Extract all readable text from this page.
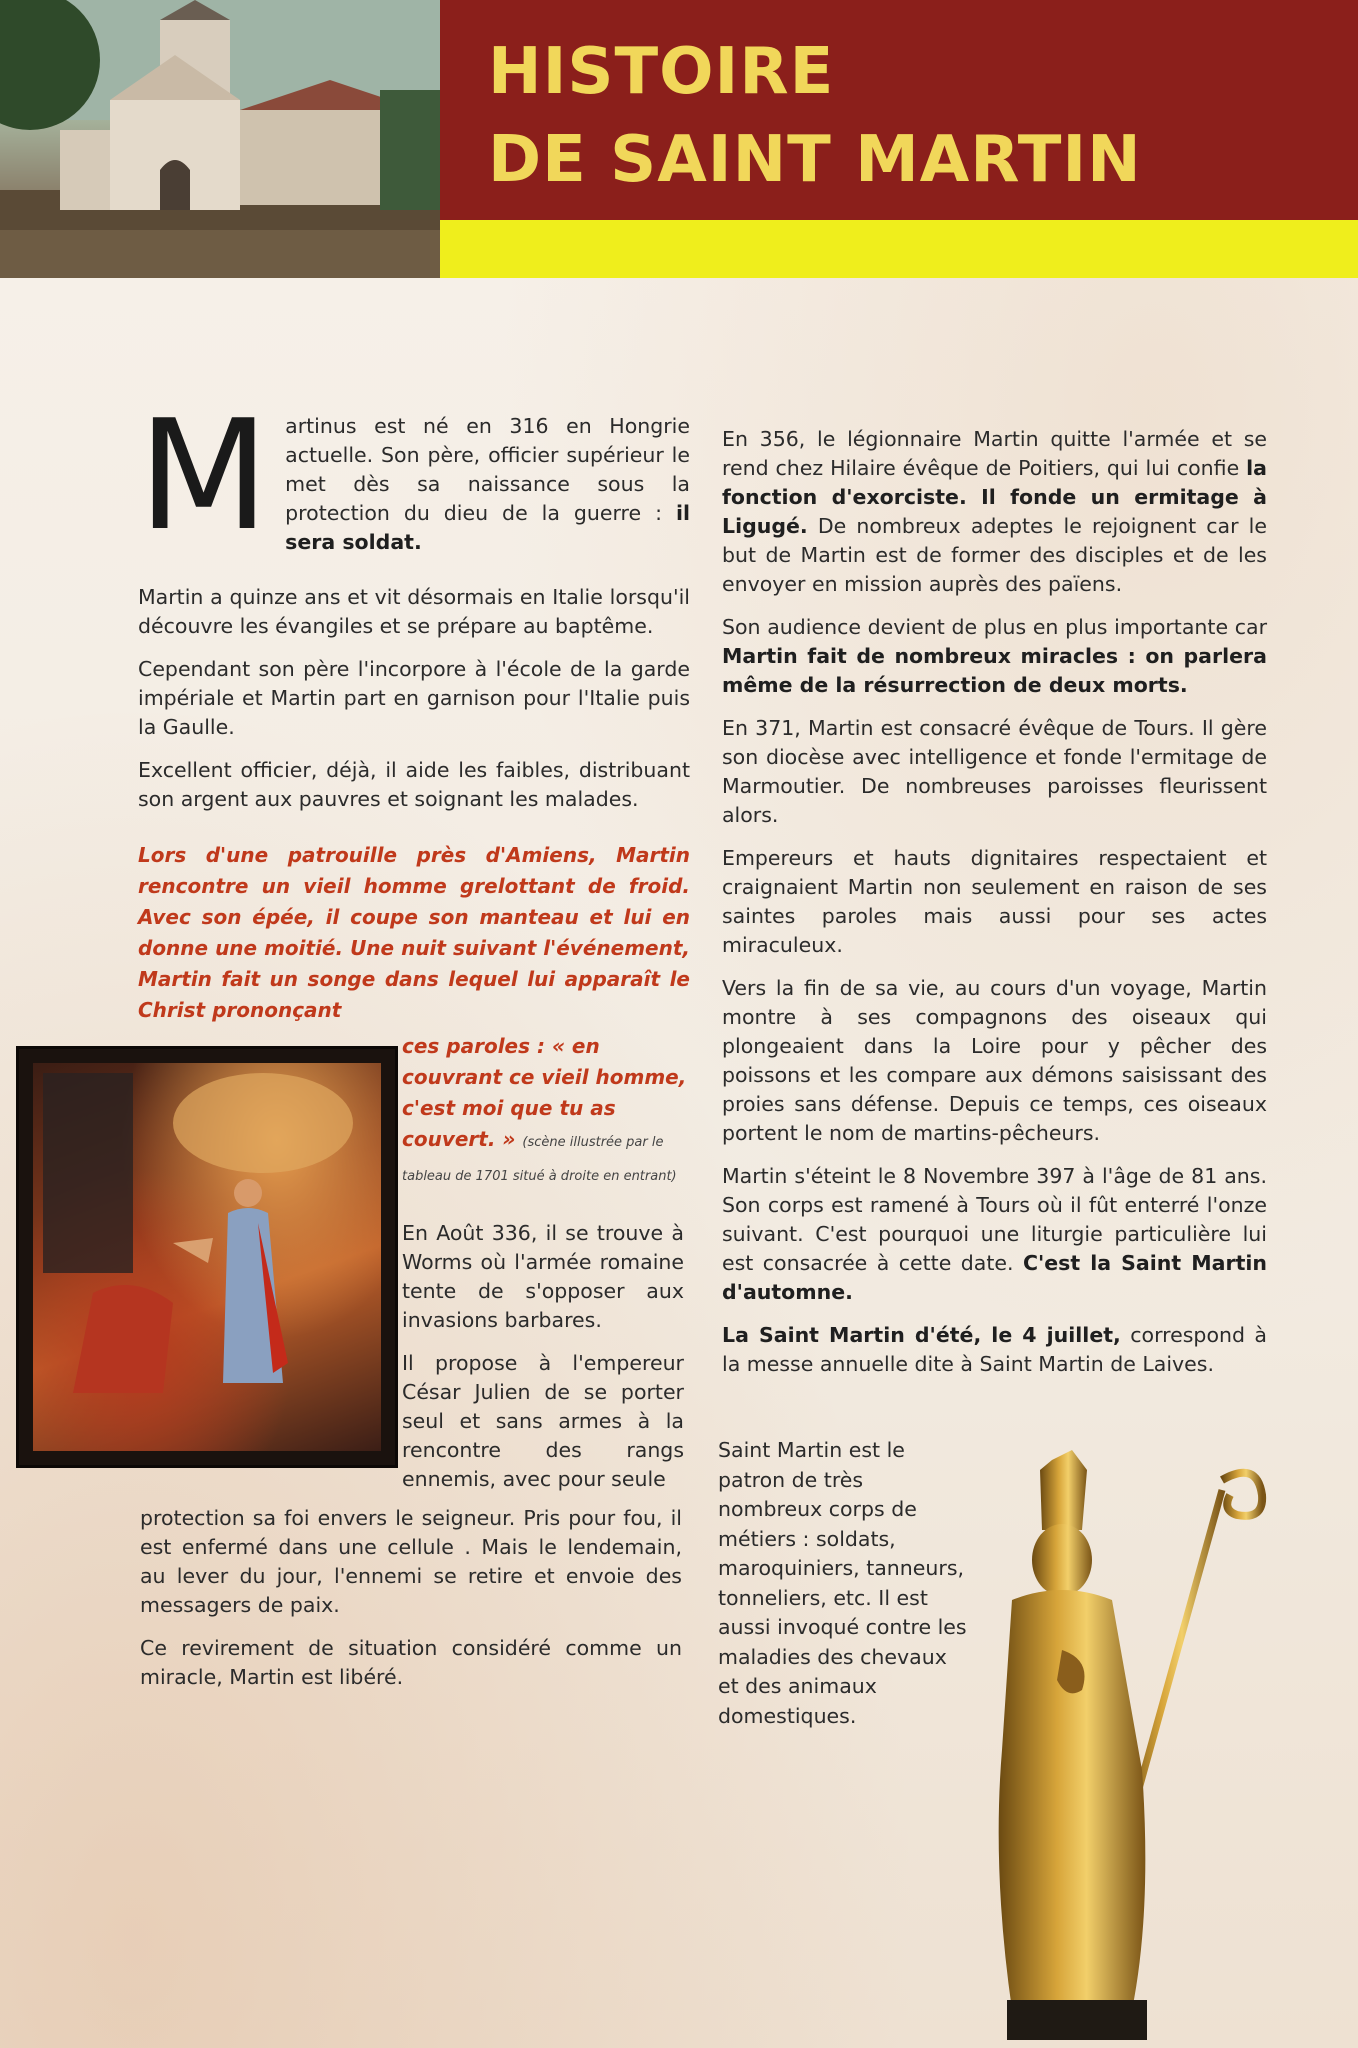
HISTOIRE
DE SAINT MARTIN

M artinus est né en 316 en Hongrie actuelle. Son père, officier supérieur le met dès sa naissance sous la protection du dieu de la guerre : il sera soldat.

Martin a quinze ans et vit désormais en Italie lorsqu'il découvre les évangiles et se prépare au baptême.

Cependant son père l'incorpore à l'école de la garde impériale et Martin part en garnison pour l'Italie puis la Gaulle.

Excellent officier, déjà, il aide les faibles, distribuant son argent aux pauvres et soignant les malades.

Lors d'une patrouille près d'Amiens, Martin rencontre un vieil homme grelottant de froid. Avec son épée, il coupe son manteau et lui en donne une moitié. Une nuit suivant l'événement, Martin fait un songe dans lequel lui apparaît le Christ prononçant

ces paroles : « en couvrant ce vieil homme, c'est moi que tu as couvert. » (scène illustrée par le tableau de 1701 situé à droite en entrant)

En Août 336, il se trouve à Worms où l'armée romaine tente de s'opposer aux invasions barbares.

Il propose à l'empereur César Julien de se porter seul et sans armes à la rencontre des rangs ennemis, avec pour seule

protection sa foi envers le seigneur. Pris pour fou, il est enfermé dans une cellule . Mais le lendemain, au lever du jour, l'ennemi se retire et envoie des messagers de paix.

Ce revirement de situation considéré comme un miracle, Martin est libéré.

En 356, le légionnaire Martin quitte l'armée et se rend chez Hilaire évêque de Poitiers, qui lui confie la fonction d'exorciste. Il fonde un ermitage à Ligugé. De nombreux adeptes le rejoignent car le but de Martin est de former des disciples et de les envoyer en mission auprès des païens.

Son audience devient de plus en plus importante car Martin fait de nombreux miracles : on parlera même de la résurrection de deux morts.

En 371, Martin est consacré évêque de Tours. Il gère son diocèse avec intelligence et fonde l'ermitage de Marmoutier. De nombreuses paroisses fleurissent alors.

Empereurs et hauts dignitaires respectaient et craignaient Martin non seulement en raison de ses saintes paroles mais aussi pour ses actes miraculeux.

Vers la fin de sa vie, au cours d'un voyage, Martin montre à ses compagnons des oiseaux qui plongeaient dans la Loire pour y pêcher des poissons et les compare aux démons saisissant des proies sans défense. Depuis ce temps, ces oiseaux portent le nom de martins-pêcheurs.

Martin s'éteint le 8 Novembre 397 à l'âge de 81 ans. Son corps est ramené à Tours où il fût enterré l'onze suivant. C'est pourquoi une liturgie particulière lui est consacrée à cette date. C'est la Saint Martin d'automne.

La Saint Martin d'été, le 4 juillet, correspond à la messe annuelle dite à Saint Martin de Laives.

Saint Martin est le patron de très nombreux corps de métiers : soldats, maroquiniers, tanneurs, tonneliers, etc. Il est aussi invoqué contre les maladies des chevaux et des animaux domestiques.
